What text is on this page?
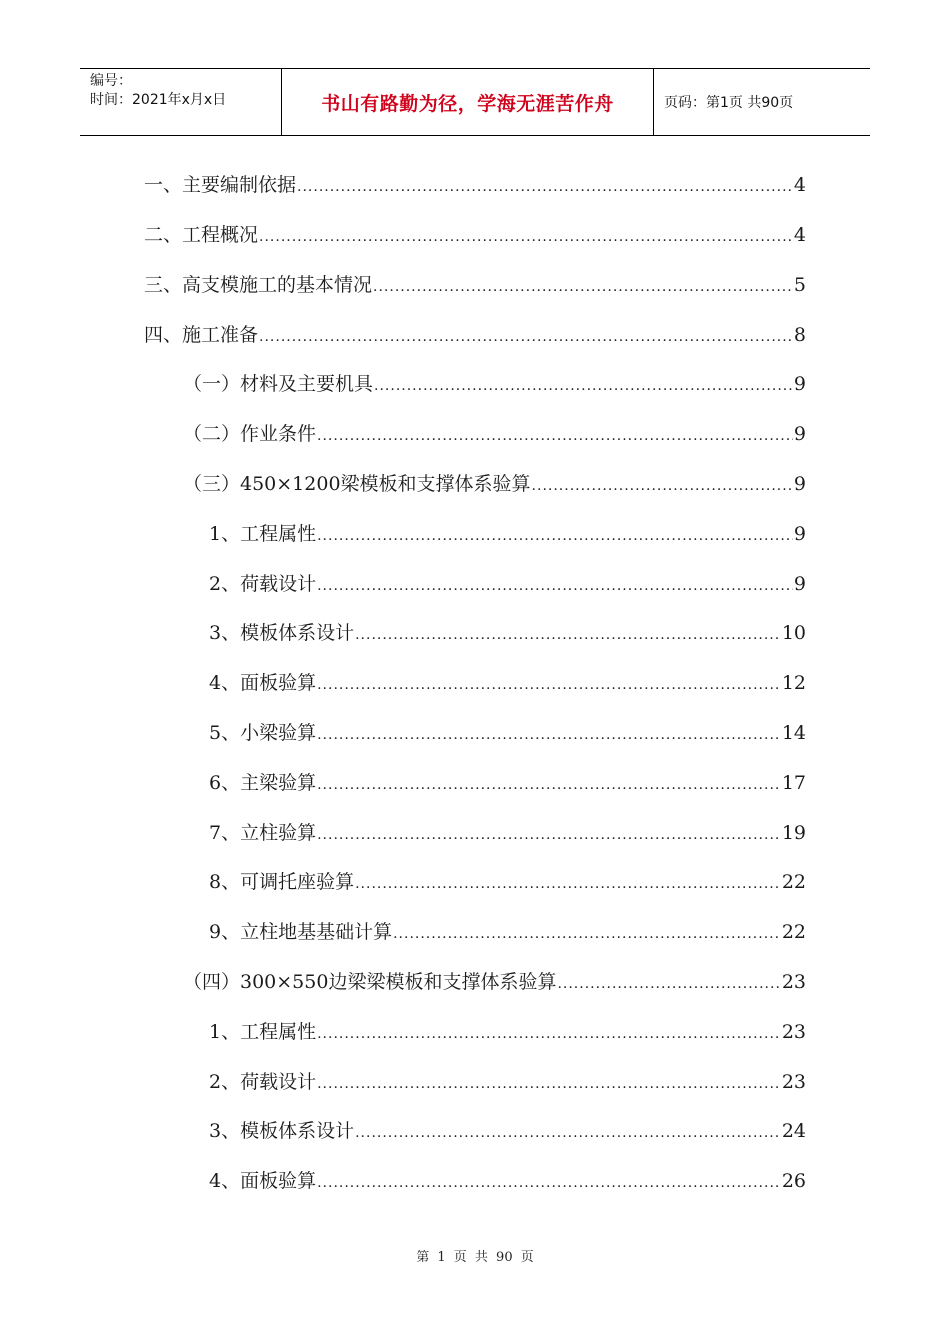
编号：
时间：2021年x月x日	书山有路勤为径，学海无涯苦作舟	页码：第1页 共90页
一、主要编制依据 .....	4
二、工程概况 .....	4
三、高支模施工的基本情况 .....	5
四、施工准备 .....	8
（一）材料及主要机具 .....	9
（二）作业条件 .....	9
（三）450×1200梁模板和支撑体系验算 .....	9
1、工程属性 .....	9
2、荷载设计 .....	9
3、模板体系设计 .....	10
4、面板验算 .....	12
5、小梁验算 .....	14
6、主梁验算 .....	17
7、立柱验算 .....	19
8、可调托座验算 .....	22
9、立柱地基基础计算 .....	22
（四）300×550边梁梁模板和支撑体系验算 .....	23
1、工程属性 .....	23
2、荷载设计 .....	23
3、模板体系设计 .....	24
4、面板验算 .....	26
第 1 页 共 90 页
